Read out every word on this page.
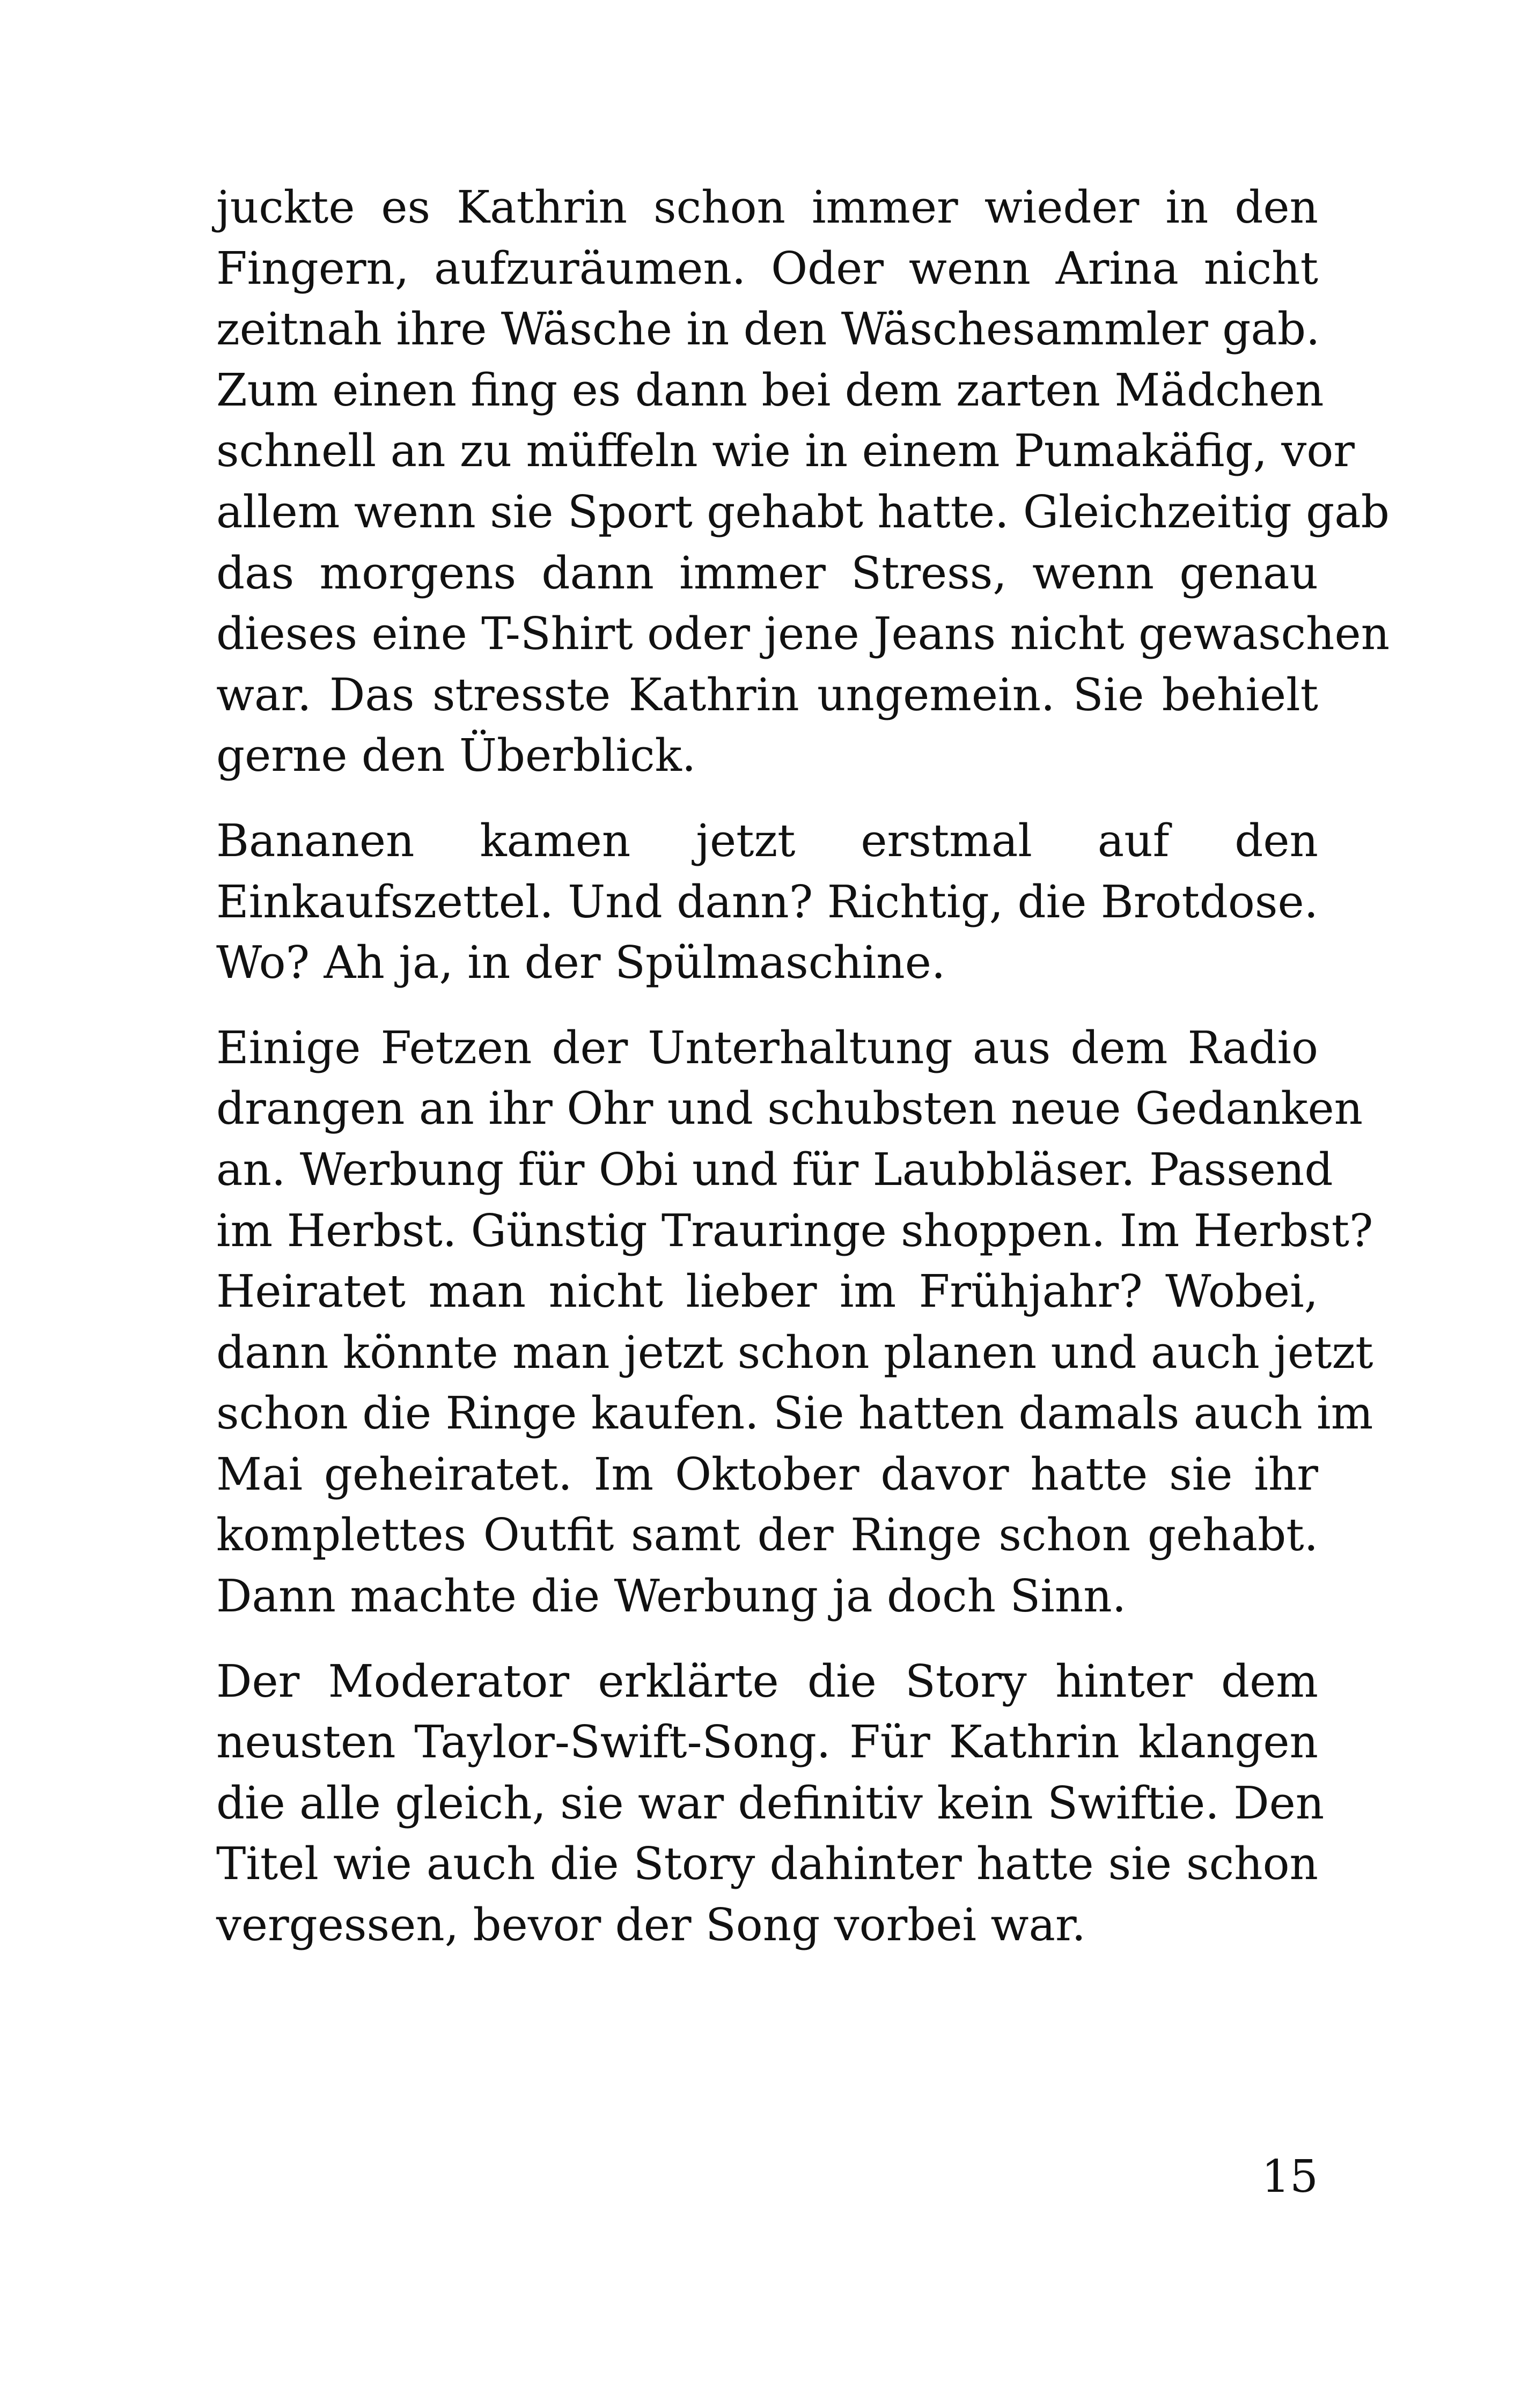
juckte es Kathrin schon immer wieder in den
Fingern, aufzuräumen. Oder wenn Arina nicht
zeitnah ihre Wäsche in den Wäschesammler gab.
Zum einen fing es dann bei dem zarten Mädchen
schnell an zu müffeln wie in einem Pumakäfig, vor
allem wenn sie Sport gehabt hatte. Gleichzeitig gab
das morgens dann immer Stress, wenn genau
dieses eine T-Shirt oder jene Jeans nicht gewaschen
war. Das stresste Kathrin ungemein. Sie behielt
gerne den Überblick.

Bananen kamen jetzt erstmal auf den
Einkaufszettel. Und dann? Richtig, die Brotdose.
Wo? Ah ja, in der Spülmaschine.

Einige Fetzen der Unterhaltung aus dem Radio
drangen an ihr Ohr und schubsten neue Gedanken
an. Werbung für Obi und für Laubbläser. Passend
im Herbst. Günstig Trauringe shoppen. Im Herbst?
Heiratet man nicht lieber im Frühjahr? Wobei,
dann könnte man jetzt schon planen und auch jetzt
schon die Ringe kaufen. Sie hatten damals auch im
Mai geheiratet. Im Oktober davor hatte sie ihr
komplettes Outfit samt der Ringe schon gehabt.
Dann machte die Werbung ja doch Sinn.

Der Moderator erklärte die Story hinter dem
neusten Taylor-Swift-Song. Für Kathrin klangen
die alle gleich, sie war definitiv kein Swiftie. Den
Titel wie auch die Story dahinter hatte sie schon
vergessen, bevor der Song vorbei war.

15
